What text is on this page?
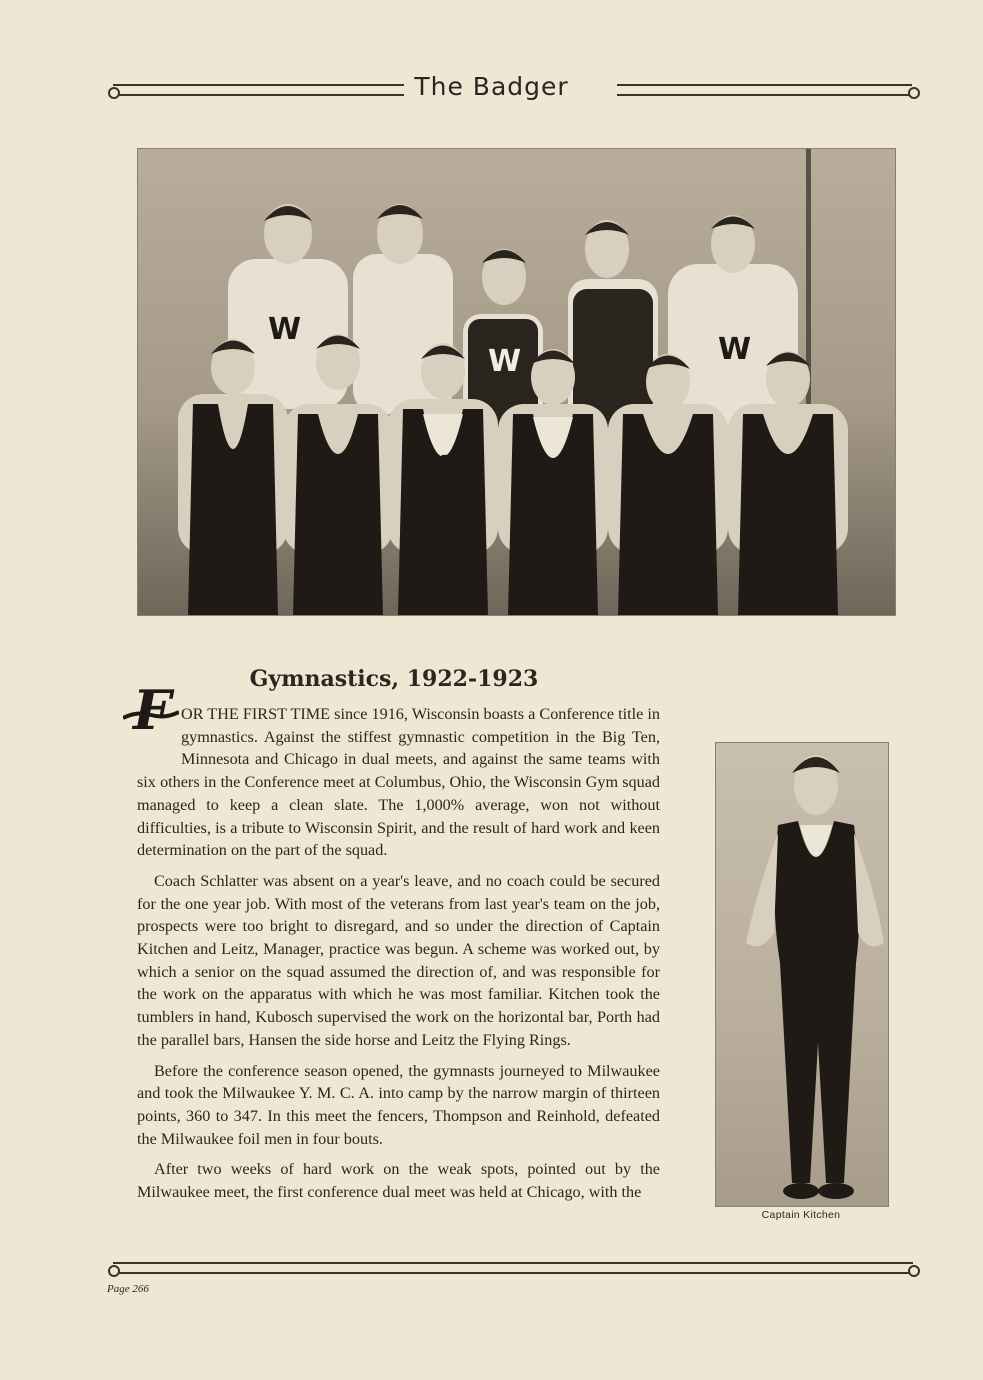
The Badger
W	W
W	W
W
Gymnastics, 1922-1923

F OR THE FIRST TIME since 1916, Wisconsin boasts a Conference title in gymnastics. Against the stiffest gymnastic competition in the Big Ten, Minnesota and Chicago in dual meets, and against the same teams with six others in the Conference meet at Columbus, Ohio, the Wisconsin Gym squad managed to keep a clean slate. The 1,000% average, won not without difficulties, is a tribute to Wisconsin Spirit, and the result of hard work and keen determination on the part of the squad.

Coach Schlatter was absent on a year's leave, and no coach could be secured for the one year job. With most of the veterans from last year's team on the job, prospects were too bright to disregard, and so under the direction of Captain Kitchen and Leitz, Manager, practice was begun. A scheme was worked out, by which a senior on the squad assumed the direction of, and was responsible for the work on the apparatus with which he was most familiar. Kitchen took the tumblers in hand, Kubosch supervised the work on the horizontal bar, Porth had the parallel bars, Hansen the side horse and Leitz the Flying Rings.

Before the conference season opened, the gymnasts journeyed to Milwaukee and took the Milwaukee Y. M. C. A. into camp by the narrow margin of thirteen points, 360 to 347. In this meet the fencers, Thompson and Reinhold, defeated the Milwaukee foil men in four bouts.

After two weeks of hard work on the weak spots, pointed out by the Milwaukee meet, the first conference dual meet was held at Chicago, with the

W
Captain Kitchen
Page 266
